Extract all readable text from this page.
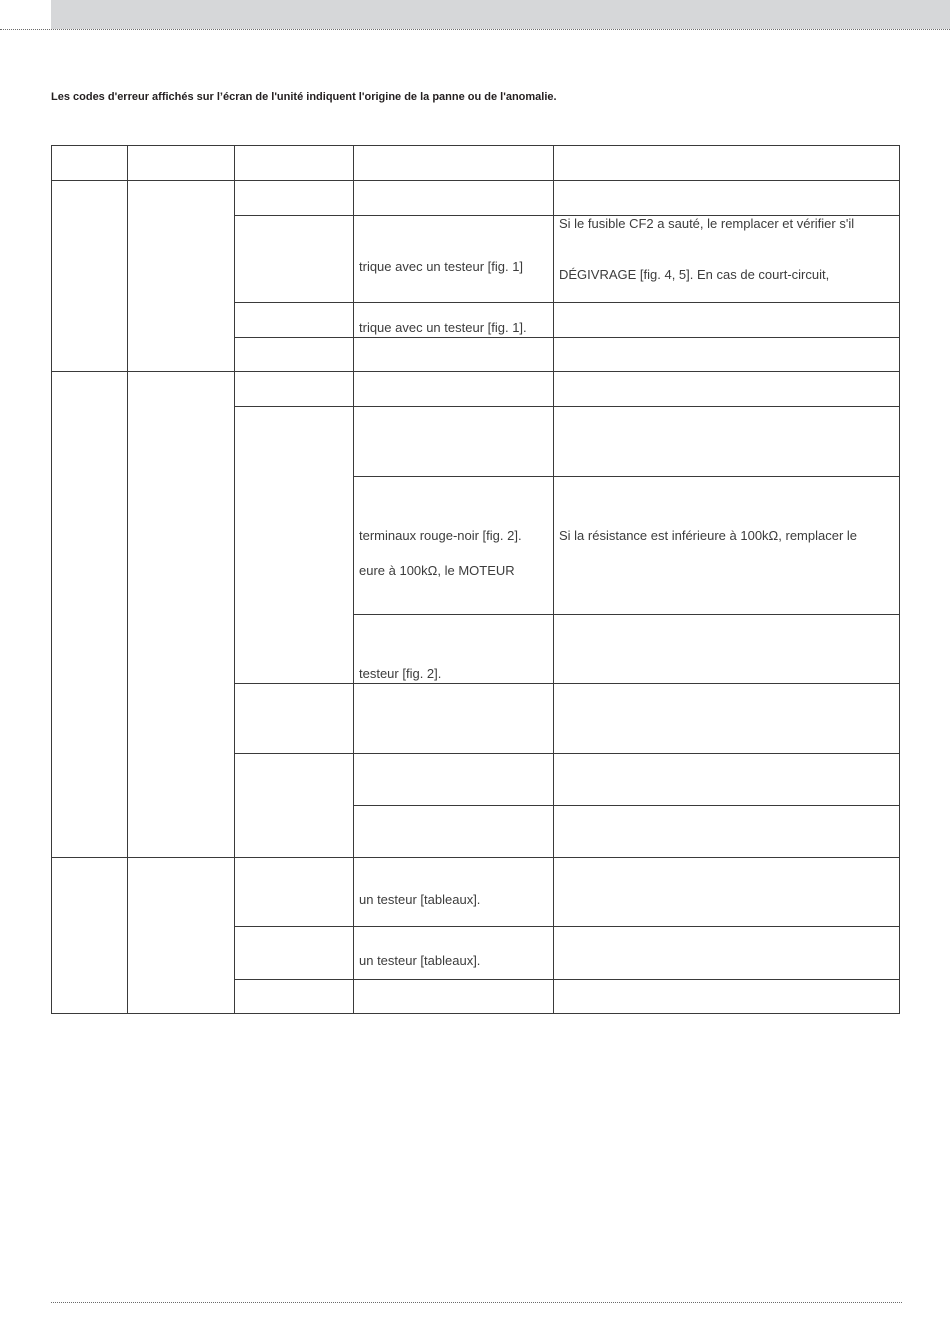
Les codes d'erreur affichés sur l’écran de l'unité indiquent l'origine de la panne ou de l'anomalie.
trique avec un testeur [fig. 1]
Si le fusible CF2 a sauté, le remplacer et vérifier s'il
DÉGIVRAGE [fig. 4, 5]. En cas de court-circuit,
trique avec un testeur [fig. 1].
terminaux rouge-noir [fig. 2].
eure à 100kΩ, le MOTEUR
Si la résistance est inférieure à 100kΩ, remplacer le
testeur [fig. 2].
un testeur [tableaux].
un testeur [tableaux].
